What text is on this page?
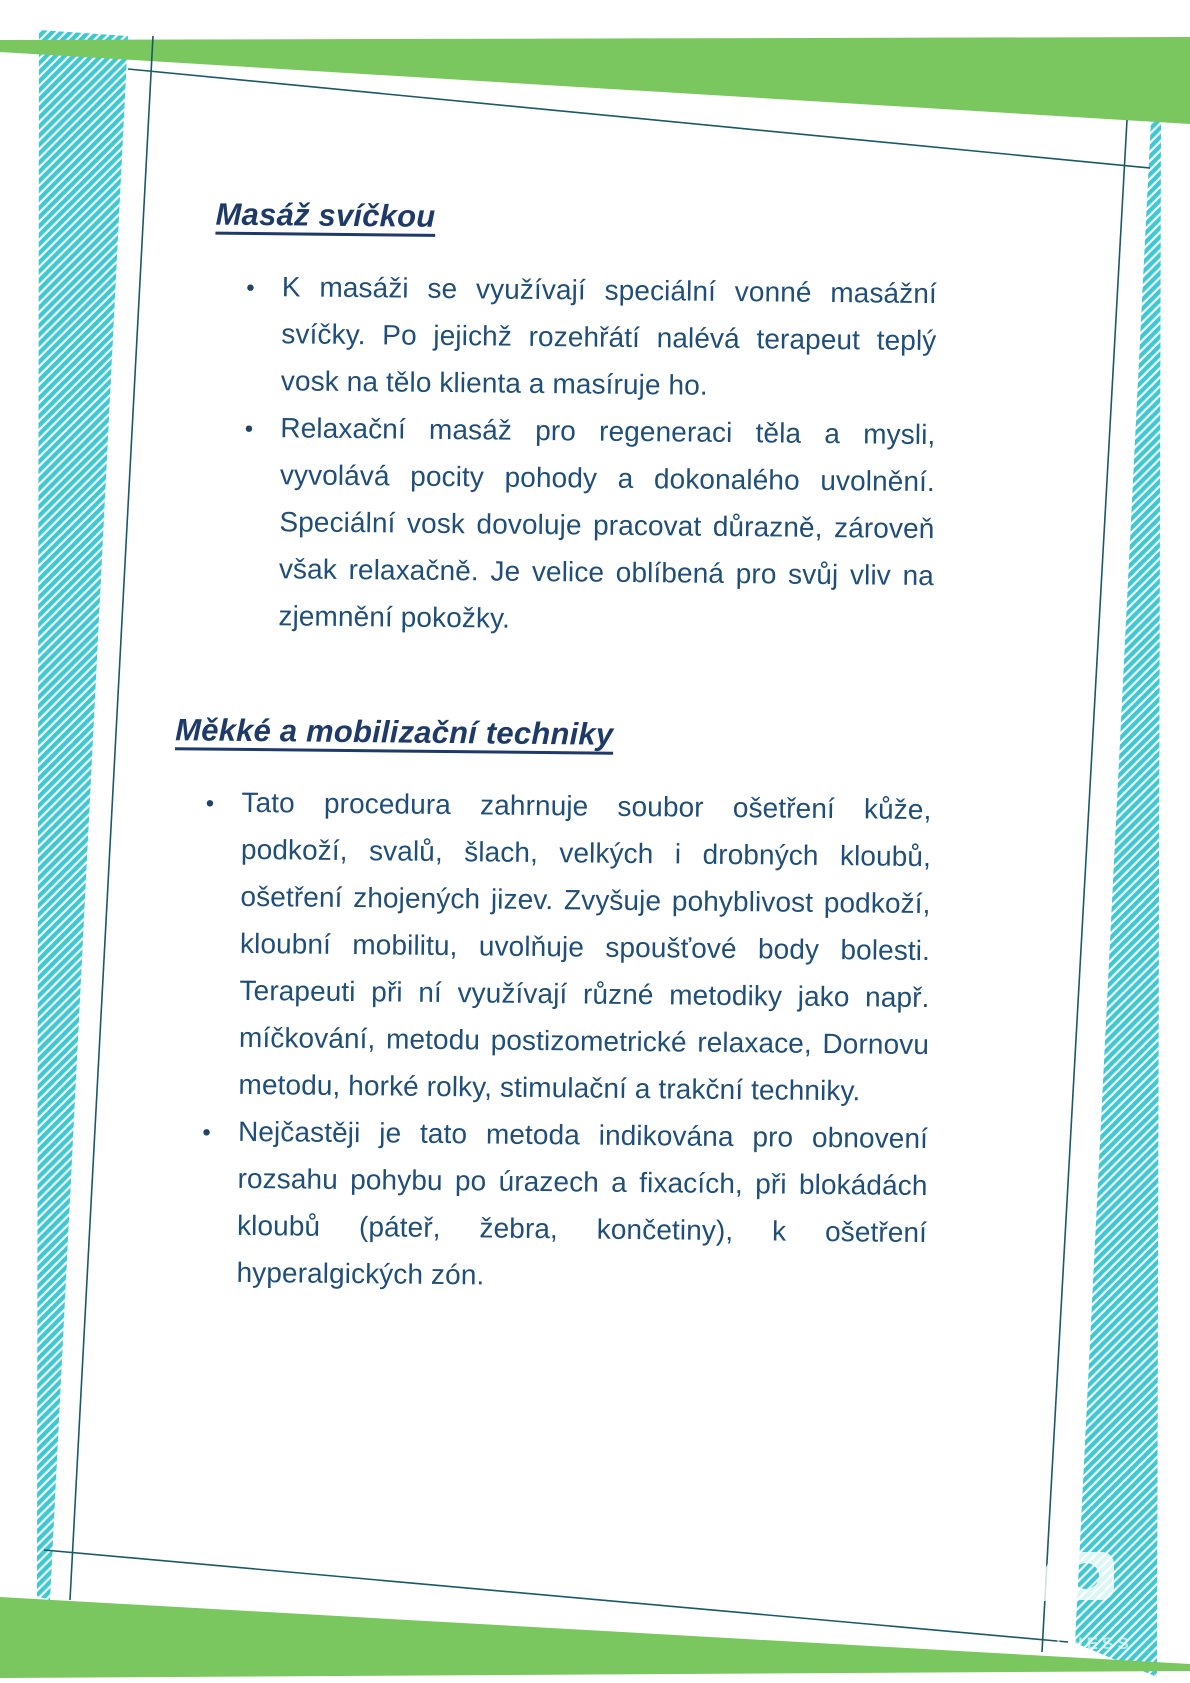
Masáž svíčkou
● K masáži se využívají speciální vonné masážní svíčky. Po jejichž rozehřátí nalévá terapeut teplý vosk na tělo klienta a masíruje ho.
● Relaxační masáž pro regeneraci těla a mysli, vyvolává pocity pohody a dokonalého uvolnění. Speciální vosk dovoluje pracovat důrazně, zároveň však relaxačně. Je velice oblíbená pro svůj vliv na zjemnění pokožky.
Měkké a mobilizační techniky
● Tato procedura zahrnuje soubor ošetření kůže, podkoží, svalů, šlach, velkých i drobných kloubů, ošetření zhojených jizev. Zvyšuje pohyblivost podkoží, kloubní mobilitu, uvolňuje spoušťové body bolesti. Terapeuti při ní využívají různé metodiky jako např. míčkování, metodu postizometrické relaxace, Dornovu metodu, horké rolky, stimulační a trakční techniky.
● Nejčastěji je tato metoda indikována pro obnovení rozsahu pohybu po úrazech a fixacích, při blokádách kloubů (páteř, žebra, končetiny), k ošetření hyperalgických zón.
LNESS
